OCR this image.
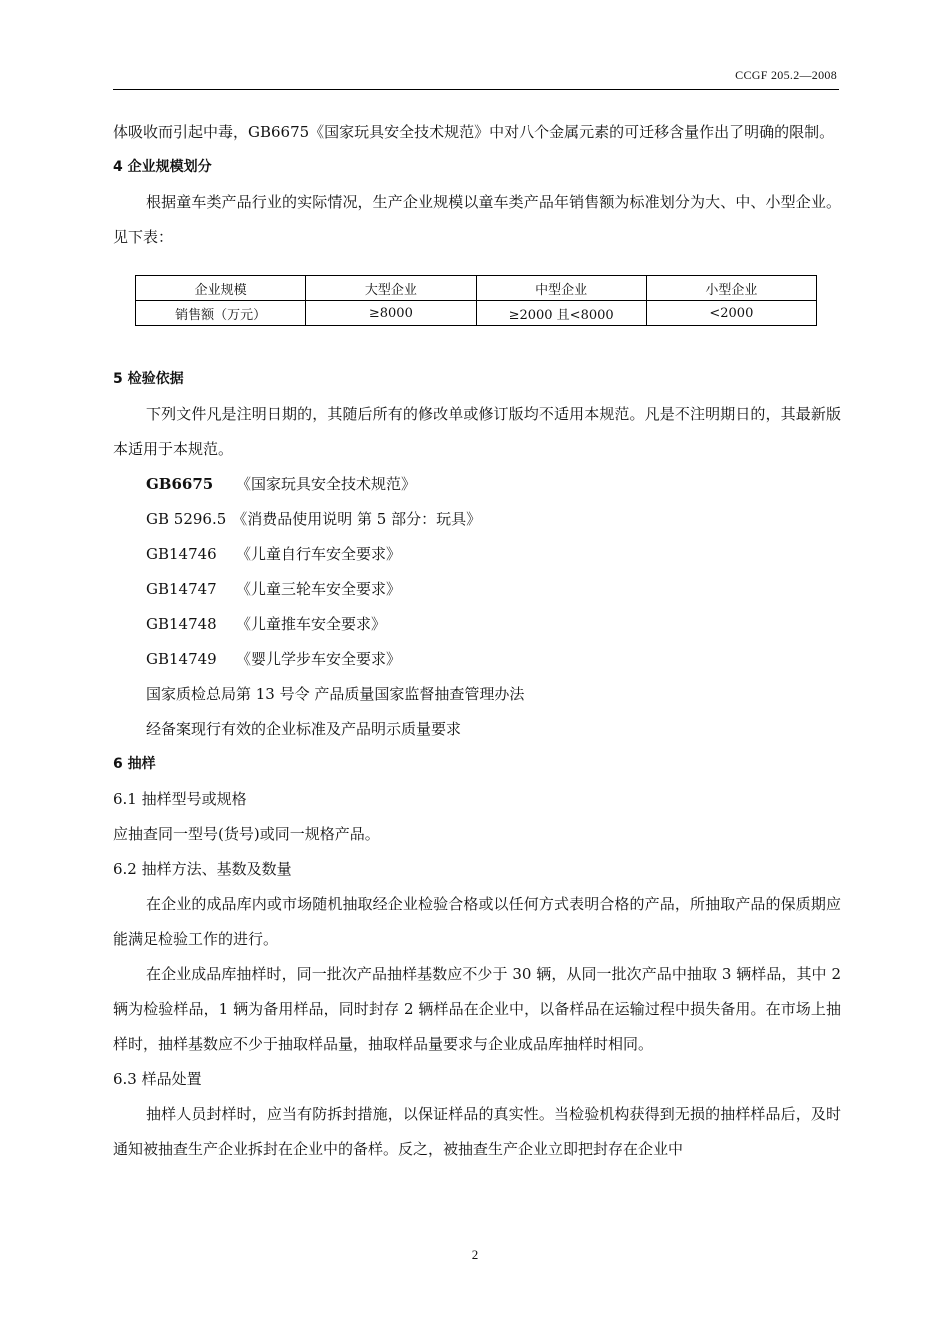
CCGF 205.2—2008

体吸收而引起中毒，GB6675《国家玩具安全技术规范》中对八个金属元素的可迁移含量作出了明确的限制。

4 企业规模划分

根据童车类产品行业的实际情况，生产企业规模以童车类产品年销售额为标准划分为大、中、小型企业。见下表：

企业规模	大型企业	中型企业	小型企业
销售额（万元）	≥8000	≥2000 且<8000	<2000
5 检验依据

下列文件凡是注明日期的，其随后所有的修改单或修订版均不适用本规范。凡是不注明期日的，其最新版本适用于本规范。

GB6675	《国家玩具安全技术规范》
GB 5296.5 《消费品使用说明 第 5 部分：玩具》
GB14746	《儿童自行车安全要求》
GB14747	《儿童三轮车安全要求》
GB14748	《儿童推车安全要求》
GB14749	《婴儿学步车安全要求》
国家质检总局第 13 号令 产品质量国家监督抽查管理办法
经备案现行有效的企业标准及产品明示质量要求
6 抽样
6.1 抽样型号或规格

应抽查同一型号(货号)或同一规格产品。

6.2 抽样方法、基数及数量

在企业的成品库内或市场随机抽取经企业检验合格或以任何方式表明合格的产品，所抽取产品的保质期应能满足检验工作的进行。

在企业成品库抽样时，同一批次产品抽样基数应不少于 30 辆，从同一批次产品中抽取 3 辆样品，其中 2 辆为检验样品，1 辆为备用样品，同时封存 2 辆样品在企业中，以备样品在运输过程中损失备用。在市场上抽样时，抽样基数应不少于抽取样品量，抽取样品量要求与企业成品库抽样时相同。

6.3 样品处置

抽样人员封样时，应当有防拆封措施，以保证样品的真实性。当检验机构获得到无损的抽样样品后，及时通知被抽查生产企业拆封在企业中的备样。反之，被抽查生产企业立即把封存在企业中

2
